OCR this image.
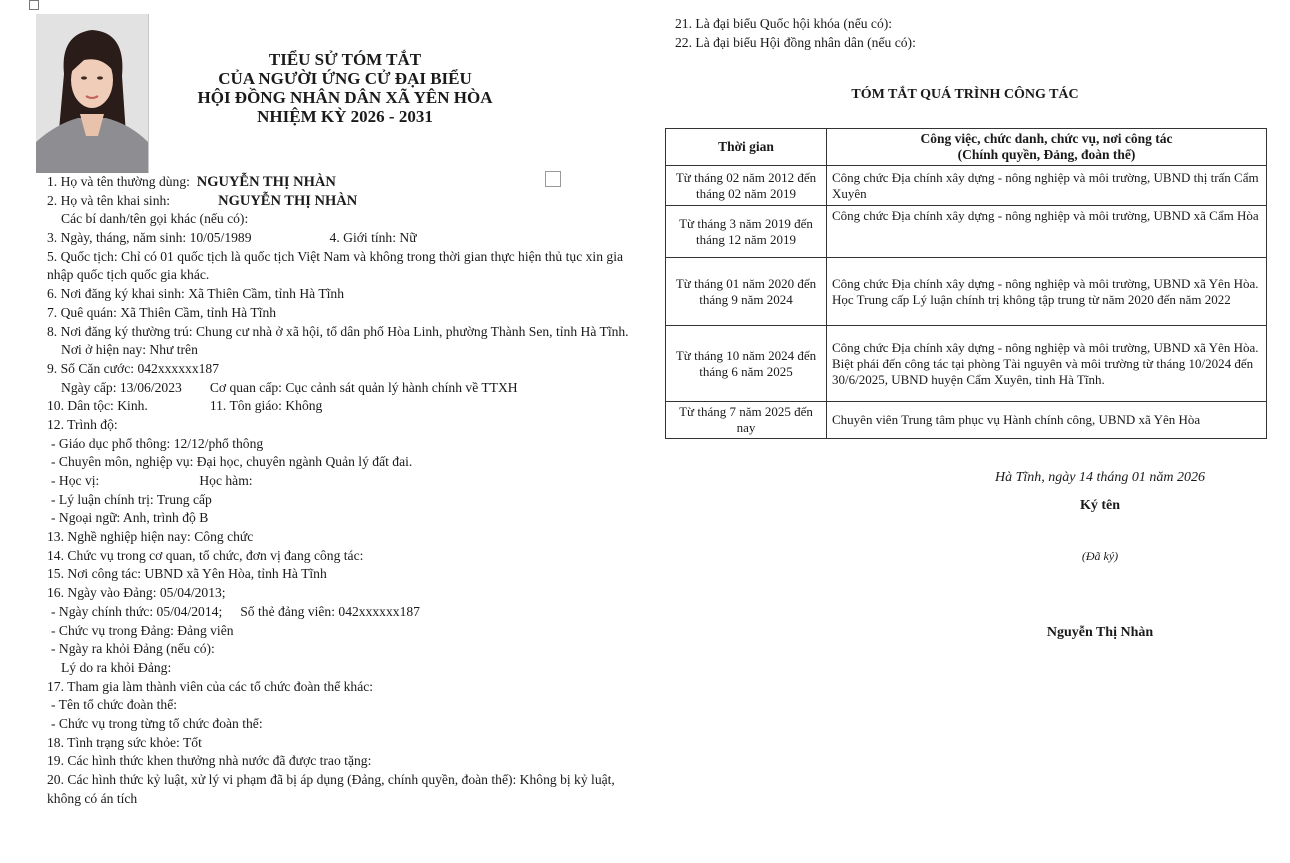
TIỂU SỬ TÓM TẮT
CỦA NGƯỜI ỨNG CỬ ĐẠI BIỂU
HỘI ĐỒNG NHÂN DÂN XÃ YÊN HÒA
NHIỆM KỲ 2026 - 2031
1. Họ và tên thường dùng: NGUYỄN THỊ NHÀN
2. Họ và tên khai sinh:	NGUYỄN THỊ NHÀN
Các bí danh/tên gọi khác (nếu có):
3. Ngày, tháng, năm sinh: 10/05/1989	4. Giới tính: Nữ
5. Quốc tịch: Chỉ có 01 quốc tịch là quốc tịch Việt Nam và không trong thời gian thực hiện thủ tục xin gia nhập quốc tịch quốc gia khác.
6. Nơi đăng ký khai sinh: Xã Thiên Cầm, tỉnh Hà Tĩnh
7. Quê quán: Xã Thiên Cầm, tỉnh Hà Tĩnh
8. Nơi đăng ký thường trú: Chung cư nhà ở xã hội, tổ dân phố Hòa Linh, phường Thành Sen, tỉnh Hà Tĩnh.
Nơi ở hiện nay: Như trên
9. Số Căn cước: 042xxxxxx187
Ngày cấp: 13/06/2023 Cơ quan cấp: Cục cảnh sát quản lý hành chính về TTXH
10. Dân tộc: Kinh.	11. Tôn giáo: Không
12. Trình độ:
- Giáo dục phổ thông: 12/12/phổ thông
- Chuyên môn, nghiệp vụ: Đại học, chuyên ngành Quản lý đất đai.
- Học vị:	Học hàm:
- Lý luận chính trị: Trung cấp
- Ngoại ngữ: Anh, trình độ B
13. Nghề nghiệp hiện nay: Công chức
14. Chức vụ trong cơ quan, tổ chức, đơn vị đang công tác:
15. Nơi công tác: UBND xã Yên Hòa, tỉnh Hà Tĩnh
16. Ngày vào Đảng: 05/04/2013;
- Ngày chính thức: 05/04/2014; Số thẻ đảng viên: 042xxxxxx187
- Chức vụ trong Đảng: Đảng viên
- Ngày ra khỏi Đảng (nếu có):
Lý do ra khỏi Đảng:
17. Tham gia làm thành viên của các tổ chức đoàn thể khác:
- Tên tổ chức đoàn thể:
- Chức vụ trong từng tổ chức đoàn thể:
18. Tình trạng sức khỏe: Tốt
19. Các hình thức khen thưởng nhà nước đã được trao tặng:
20. Các hình thức kỷ luật, xử lý vi phạm đã bị áp dụng (Đảng, chính quyền, đoàn thể): Không bị kỷ luật, không có án tích
21. Là đại biểu Quốc hội khóa (nếu có):
22. Là đại biểu Hội đồng nhân dân (nếu có):
TÓM TẮT QUÁ TRÌNH CÔNG TÁC
Thời gian	Công việc, chức danh, chức vụ, nơi công tác
(Chính quyền, Đảng, đoàn thể)

Từ tháng 02 năm 2012 đến tháng 02 năm 2019	Công chức Địa chính xây dựng - nông nghiệp và môi trường, UBND thị trấn Cẩm Xuyên
Từ tháng 3 năm 2019 đến tháng 12 năm 2019	Công chức Địa chính xây dựng - nông nghiệp và môi trường, UBND xã Cẩm Hòa
Từ tháng 01 năm 2020 đến tháng 9 năm 2024	Công chức Địa chính xây dựng - nông nghiệp và môi trường, UBND xã Yên Hòa. Học Trung cấp Lý luận chính trị không tập trung từ năm 2020 đến năm 2022
Từ tháng 10 năm 2024 đến tháng 6 năm 2025	Công chức Địa chính xây dựng - nông nghiệp và môi trường, UBND xã Yên Hòa. Biệt phái đến công tác tại phòng Tài nguyên và môi trường từ tháng 10/2024 đến 30/6/2025, UBND huyện Cẩm Xuyên, tỉnh Hà Tĩnh.
Từ tháng 7 năm 2025 đến nay	Chuyên viên Trung tâm phục vụ Hành chính công, UBND xã Yên Hòa
Hà Tĩnh, ngày 14 tháng 01 năm 2026
Ký tên
(Đã ký)
Nguyễn Thị Nhàn
